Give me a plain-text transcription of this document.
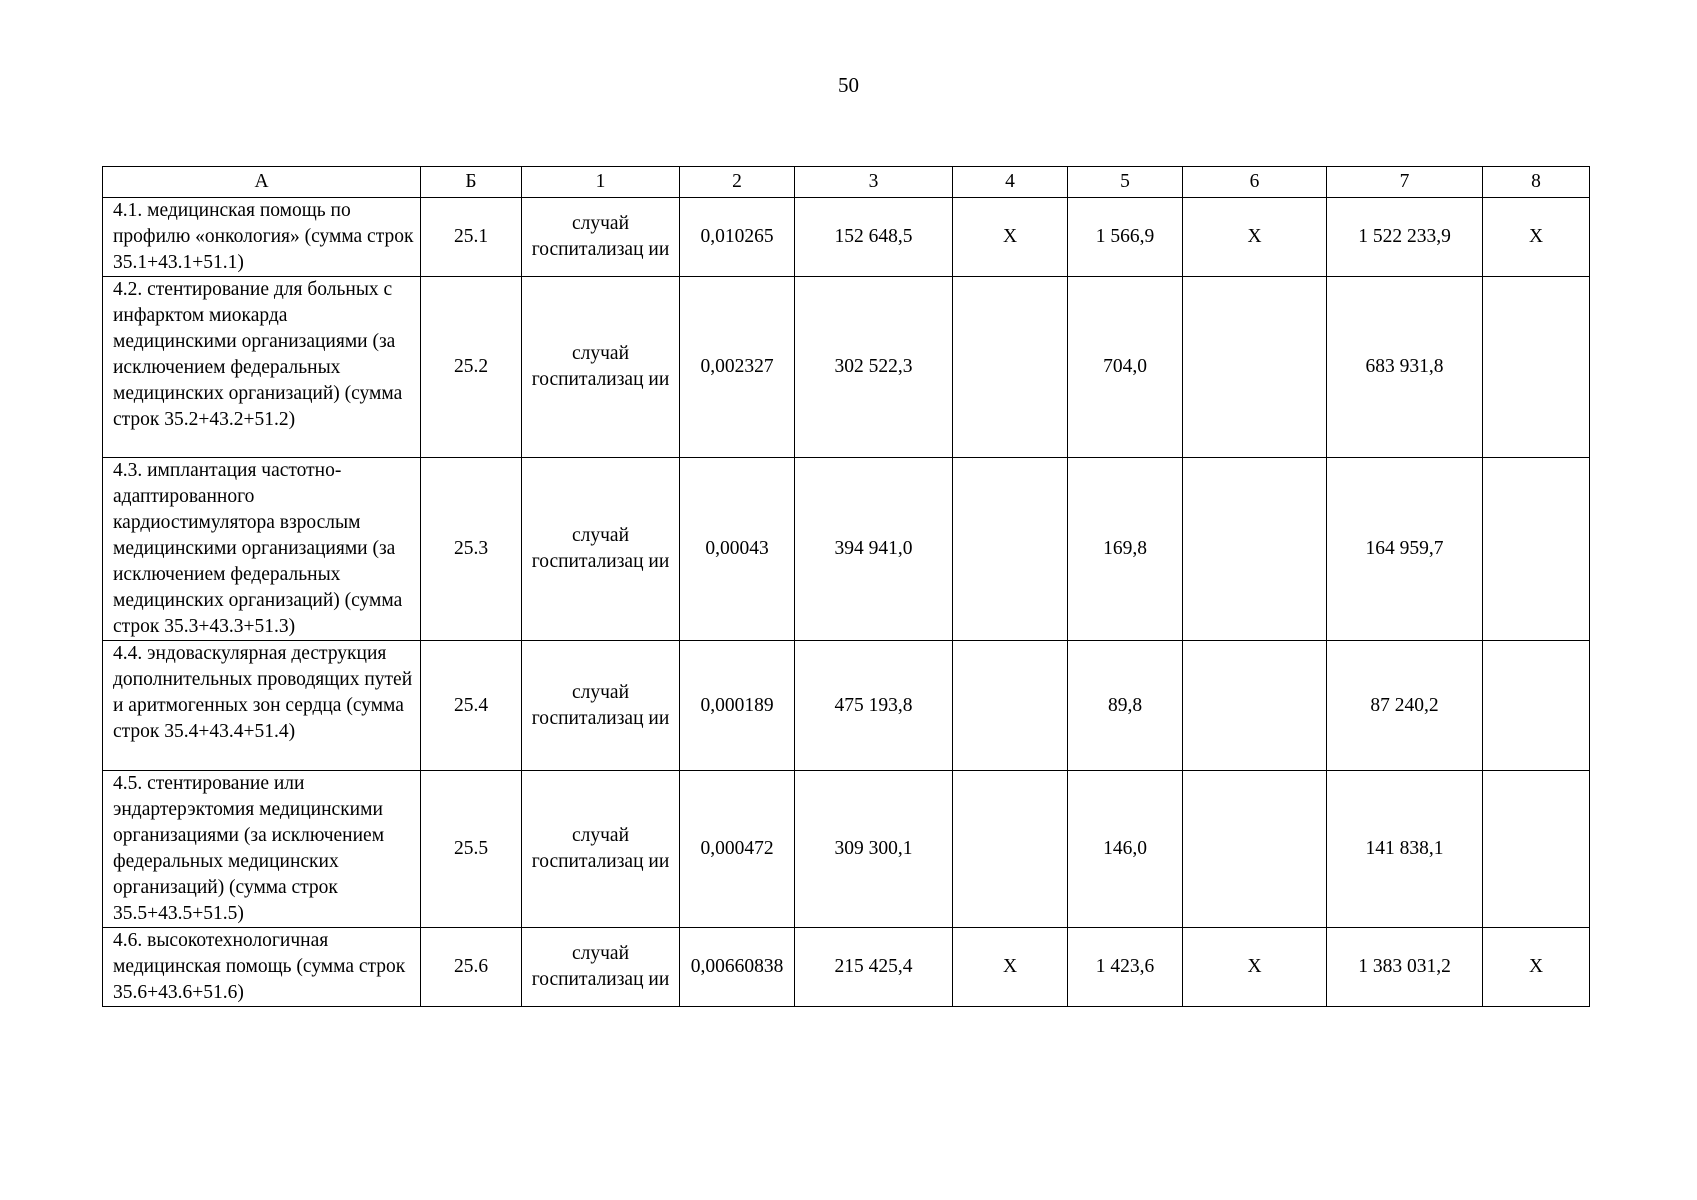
50
А	Б	1	2	3	4	5	6	7	8
4.1. медицинская помощь по профилю «онкология» (сумма строк 35.1+43.1+51.1)	25.1	случай госпитализац ии	0,010265	152 648,5	Х	1 566,9	Х	1 522 233,9	Х
4.2. стентирование для больных с инфарктом миокарда медицинскими организациями (за исключением федеральных медицинских организаций) (сумма строк 35.2+43.2+51.2)	25.2	случай госпитализац ии	0,002327	302 522,3		704,0		683 931,8	
4.3. имплантация частотно-адаптированного кардиостимулятора взрослым медицинскими организациями (за исключением федеральных медицинских организаций) (сумма строк 35.3+43.3+51.3)	25.3	случай госпитализац ии	0,00043	394 941,0		169,8		164 959,7	
4.4. эндоваскулярная деструкция дополнительных проводящих путей и аритмогенных зон сердца (сумма строк 35.4+43.4+51.4)	25.4	случай госпитализац ии	0,000189	475 193,8		89,8		87 240,2	
4.5. стентирование или эндартерэктомия медицинскими организациями (за исключением федеральных медицинских организаций) (сумма строк 35.5+43.5+51.5)	25.5	случай госпитализац ии	0,000472	309 300,1		146,0		141 838,1	
4.6. высокотехнологичная медицинская помощь (сумма строк 35.6+43.6+51.6)	25.6	случай госпитализац ии	0,00660838	215 425,4	Х	1 423,6	Х	1 383 031,2	Х
